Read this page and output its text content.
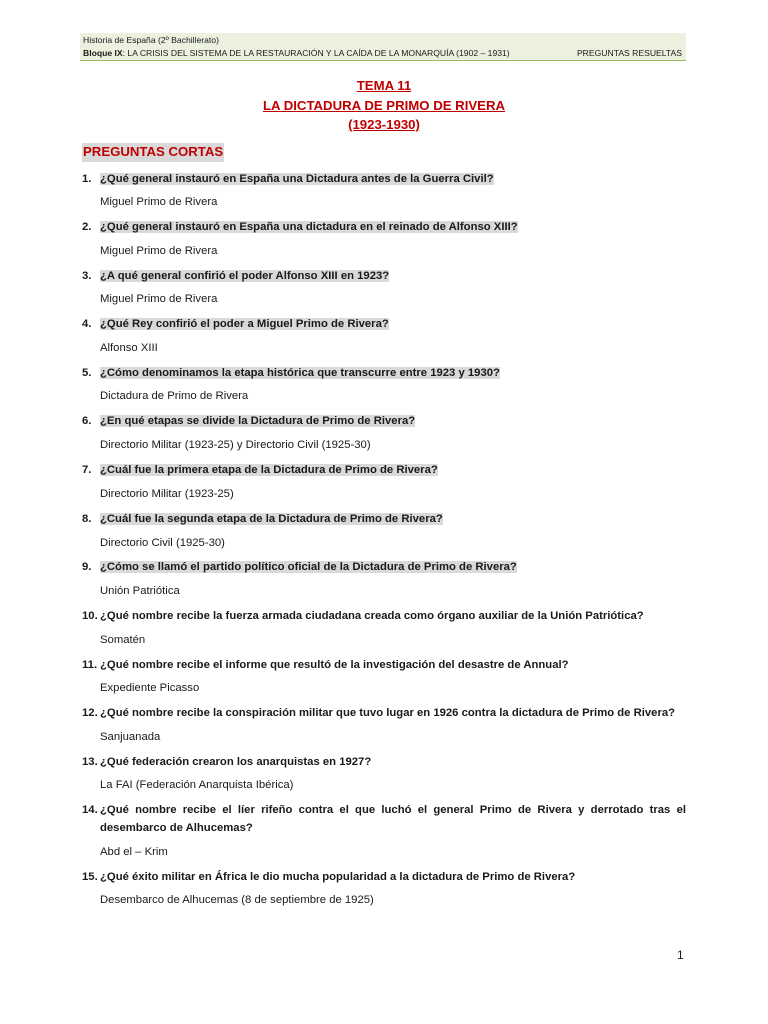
Historia de España (2º Bachillerato)
Bloque IX: LA CRISIS DEL SISTEMA DE LA RESTAURACIÓN Y LA CAÍDA DE LA MONARQUÍA (1902 – 1931)	PREGUNTAS RESUELTAS
TEMA 11
LA DICTADURA DE PRIMO DE RIVERA
(1923-1930)
PREGUNTAS CORTAS
1. ¿Qué general instauró en España una Dictadura antes de la Guerra Civil?
Miguel Primo de Rivera
2. ¿Qué general instauró en España una dictadura en el reinado de Alfonso XIII?
Miguel Primo de Rivera
3. ¿A qué general confirió el poder Alfonso XIII en 1923?
Miguel Primo de Rivera
4. ¿Qué Rey confirió el poder a Miguel Primo de Rivera?
Alfonso XIII
5. ¿Cómo denominamos la etapa histórica que transcurre entre 1923 y 1930?
Dictadura de Primo de Rivera
6. ¿En qué etapas se divide la Dictadura de Primo de Rivera?
Directorio Militar (1923-25) y Directorio Civil (1925-30)
7. ¿Cuál fue la primera etapa de la Dictadura de Primo de Rivera?
Directorio Militar (1923-25)
8. ¿Cuál fue la segunda etapa de la Dictadura de Primo de Rivera?
Directorio Civil (1925-30)
9. ¿Cómo se llamó el partido político oficial de la Dictadura de Primo de Rivera?
Unión Patriótica
10. ¿Qué nombre recibe la fuerza armada ciudadana creada como órgano auxiliar de la Unión Patriótica?
Somatén
11. ¿Qué nombre recibe el informe que resultó de la investigación del desastre de Annual?
Expediente Picasso
12. ¿Qué nombre recibe la conspiración militar que tuvo lugar en 1926 contra la dictadura de Primo de Rivera?
Sanjuanada
13. ¿Qué federación crearon los anarquistas en 1927?
La FAI (Federación Anarquista Ibérica)
14. ¿Qué nombre recibe el líer rifeño contra el que luchó el general Primo de Rivera y derrotado tras el desembarco de Alhucemas?
Abd el – Krim
15. ¿Qué éxito militar en África le dio mucha popularidad a la dictadura de Primo de Rivera?
Desembarco de Alhucemas (8 de septiembre de 1925)
1
